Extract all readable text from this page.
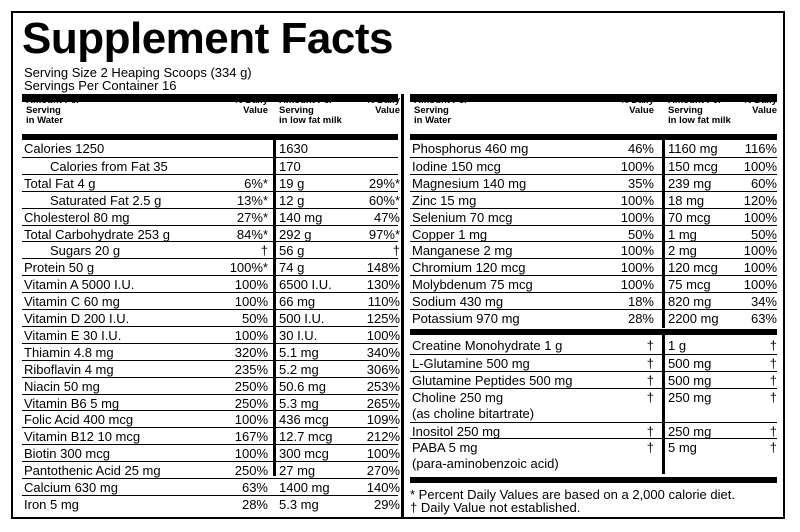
Supplement Facts
Serving Size 2 Heaping Scoops (334 g)
Servings Per Container 16
Amount Per
Serving
in Water
% Daily
Value
Amount Per
Serving
in low fat milk
% Daily
Value
Amount Per
Serving
in Water
% Daily
Value
Amount Per
Serving
in low fat milk
% Daily
Value
Calories 1250	1630
Calories from Fat 35	170
Total Fat 4 g	6%* 19 g	29%*
Saturated Fat 2.5 g	13%* 12 g	60%*
Cholesterol 80 mg	27%* 140 mg	47%
Total Carbohydrate 253 g	84%* 292 g	97%*
Sugars 20 g	† 56 g	†
Protein 50 g	100%* 74 g	148%
Vitamin A 5000 I.U.	100% 6500 I.U.	130%
Vitamin C 60 mg	100% 66 mg	110%
Vitamin D 200 I.U.	50% 500 I.U.	125%
Vitamin E 30 I.U.	100% 30 I.U.	100%
Thiamin 4.8 mg	320% 5.1 mg	340%
Riboflavin 4 mg	235% 5.2 mg	306%
Niacin 50 mg	250% 50.6 mg	253%
Vitamin B6 5 mg	250% 5.3 mg	265%
Folic Acid 400 mcg	100% 436 mcg	109%
Vitamin B12 10 mcg	167% 12.7 mcg	212%
Biotin 300 mcg	100% 300 mcg	100%
Pantothenic Acid 25 mg	250% 27 mg	270%
Calcium 630 mg	63% 1400 mg	140%
Iron 5 mg	28% 5.3 mg	29%
Phosphorus 460 mg	46% 1160 mg	116%
Iodine 150 mcg	100% 150 mcg	100%
Magnesium 140 mg	35% 239 mg	60%
Zinc 15 mg	100% 18 mg	120%
Selenium 70 mcg	100% 70 mcg	100%
Copper 1 mg	50% 1 mg	50%
Manganese 2 mg	100% 2 mg	100%
Chromium 120 mcg	100% 120 mcg	100%
Molybdenum 75 mcg	100% 75 mcg	100%
Sodium 430 mg	18% 820 mg	34%
Potassium 970 mg	28% 2200 mg	63%
Creatine Monohydrate 1 g	† 1 g	†
L-Glutamine 500 mg	† 500 mg	†
Glutamine Peptides 500 mg	† 500 mg	†
Choline 250 mg	† 250 mg	†
(as choline bitartrate)
Inositol 250 mg	† 250 mg	†
PABA 5 mg	† 5 mg	†
(para-aminobenzoic acid)
* Percent Daily Values are based on a 2,000 calorie diet.
† Daily Value not established.
